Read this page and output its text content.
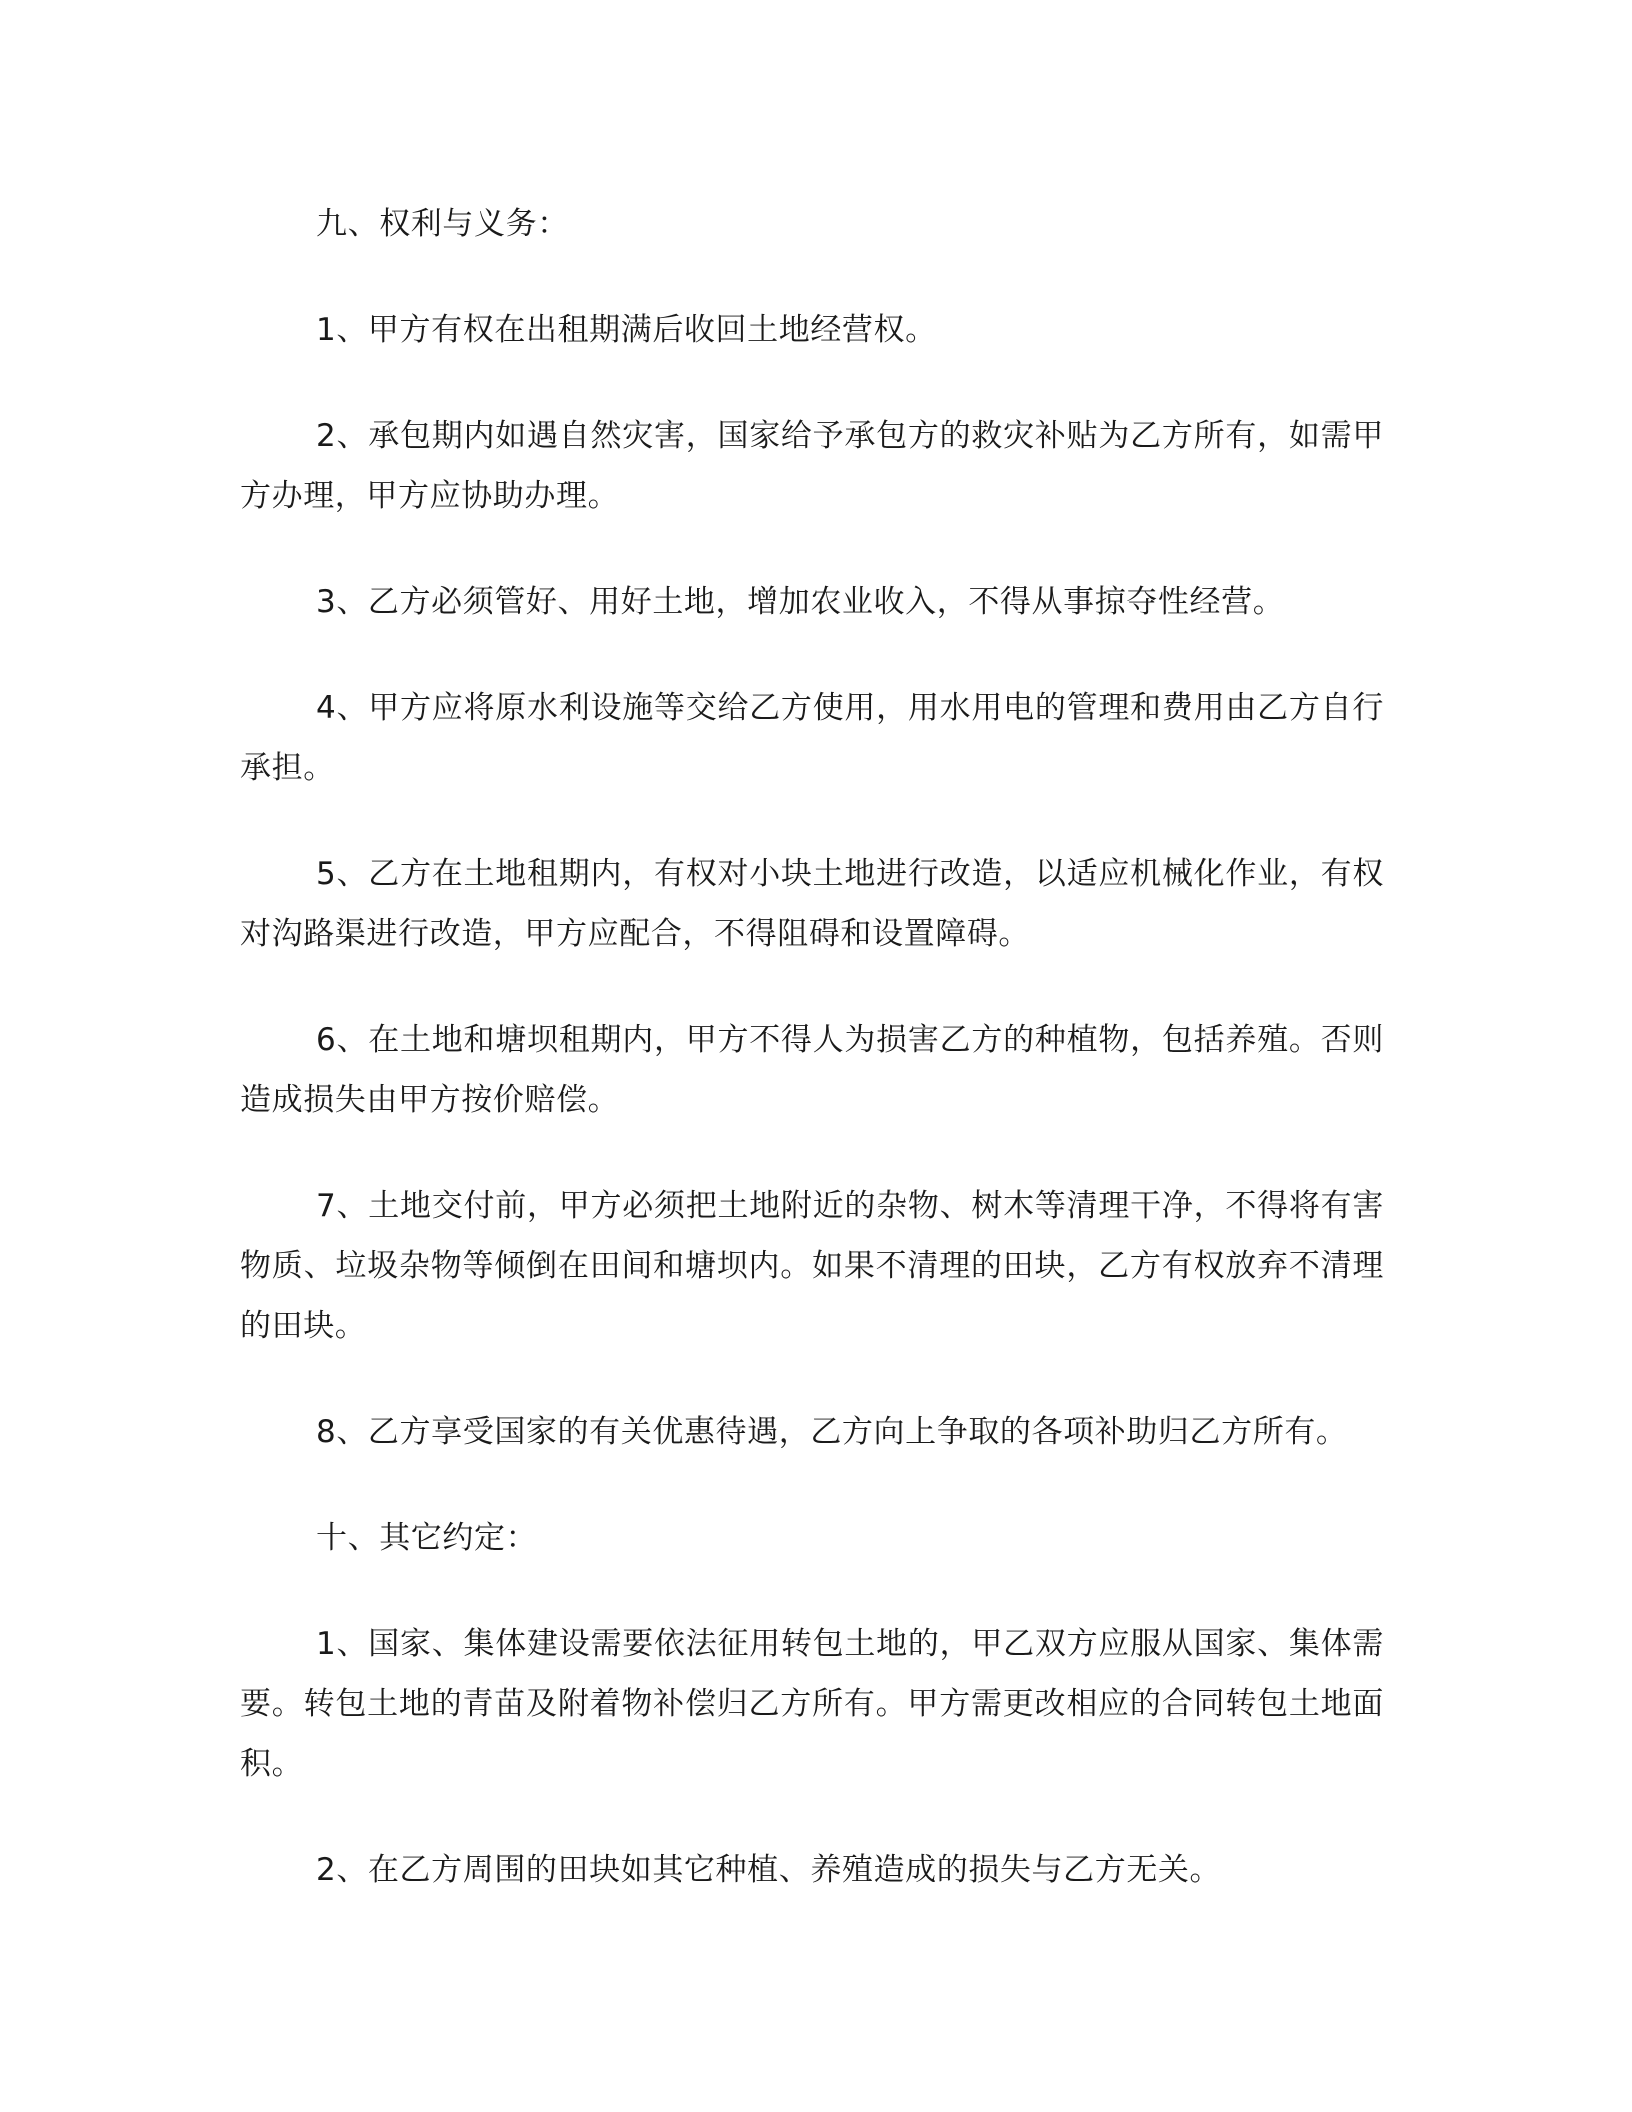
九、权利与义务：

1、甲方有权在出租期满后收回土地经营权。

2、承包期内如遇自然灾害，国家给予承包方的救灾补贴为乙方所有，如需甲方办理，甲方应协助办理。

3、乙方必须管好、用好土地，增加农业收入，不得从事掠夺性经营。

4、甲方应将原水利设施等交给乙方使用，用水用电的管理和费用由乙方自行承担。

5、乙方在土地租期内，有权对小块土地进行改造，以适应机械化作业，有权对沟路渠进行改造，甲方应配合，不得阻碍和设置障碍。

6、在土地和塘坝租期内，甲方不得人为损害乙方的种植物，包括养殖。否则造成损失由甲方按价赔偿。

7、土地交付前，甲方必须把土地附近的杂物、树木等清理干净，不得将有害物质、垃圾杂物等倾倒在田间和塘坝内。如果不清理的田块，乙方有权放弃不清理的田块。

8、乙方享受国家的有关优惠待遇，乙方向上争取的各项补助归乙方所有。

十、其它约定：

1、国家、集体建设需要依法征用转包土地的，甲乙双方应服从国家、集体需要。转包土地的青苗及附着物补偿归乙方所有。甲方需更改相应的合同转包土地面积。

2、在乙方周围的田块如其它种植、养殖造成的损失与乙方无关。
